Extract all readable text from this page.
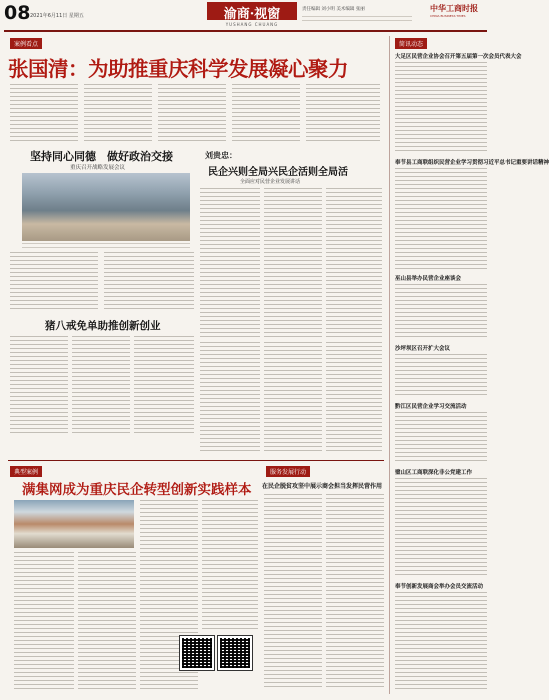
08 2021年6月11日 星期五	渝商·视窗
YUSHANG CHUANG
责任编辑 刘小明 美术编辑 张丽	中华工商时报
CHINA BUSINESS TIMES
案例看点
张国清：为助推重庆科学发展凝心聚力
坚持同心同德　做好政治交接
重庆召开战略发展会议
刘贵忠：
民企兴则全局兴民企活则全局活
全面应对民营企业发展讲话
猪八戒免单助推创新创业
典型案例
满集网成为重庆民企转型创新实践样本
服务发展行动
在民企脱贫攻坚中展示商会担当发挥民营作用
简讯动态
大足区民营企业协会召开第五届第一次会员代表大会
奉节县工商联组织民营企业学习贯彻习近平总书记重要讲话精神
巫山县举办民营企业座谈会
沙坪坝区召开扩大会议
黔江区民营企业学习交流活动
璧山区工商联深化非公党建工作
奉节创新发展商会举办会员交流活动
